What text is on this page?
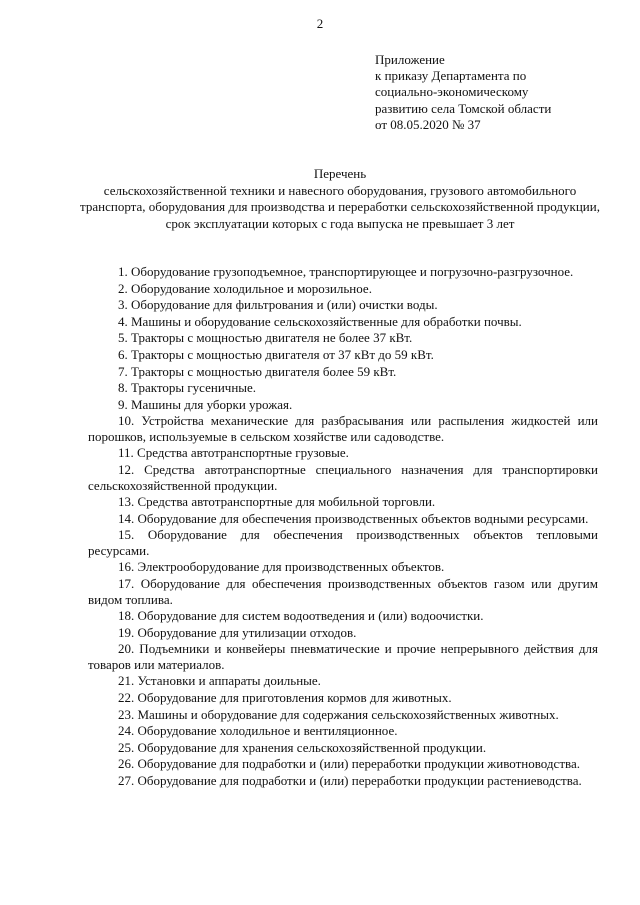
2
Приложение
к приказу Департамента по
социально-экономическому
развитию села Томской области
от 08.05.2020 № 37
Перечень
сельскохозяйственной техники и навесного оборудования, грузового автомобильного транспорта, оборудования для производства и переработки сельскохозяйственной продукции, срок эксплуатации которых с года выпуска не превышает 3 лет

1. Оборудование грузоподъемное, транспортирующее и погрузочно-разгрузочное.

2. Оборудование холодильное и морозильное.

3. Оборудование для фильтрования и (или) очистки воды.

4. Машины и оборудование сельскохозяйственные для обработки почвы.

5. Тракторы с мощностью двигателя не более 37 кВт.

6. Тракторы с мощностью двигателя от 37 кВт до 59 кВт.

7. Тракторы с мощностью двигателя более 59 кВт.

8. Тракторы гусеничные.

9. Машины для уборки урожая.

10. Устройства механические для разбрасывания или распыления жидкостей или порошков, используемые в сельском хозяйстве или садоводстве.

11. Средства автотранспортные грузовые.

12. Средства автотранспортные специального назначения для транспортировки сельскохозяйственной продукции.

13. Средства автотранспортные для мобильной торговли.

14. Оборудование для обеспечения производственных объектов водными ресурсами.

15. Оборудование для обеспечения производственных объектов тепловыми ресурсами.

16. Электрооборудование для производственных объектов.

17. Оборудование для обеспечения производственных объектов газом или другим видом топлива.

18. Оборудование для систем водоотведения и (или) водоочистки.

19. Оборудование для утилизации отходов.

20. Подъемники и конвейеры пневматические и прочие непрерывного действия для товаров или материалов.

21. Установки и аппараты доильные.

22. Оборудование для приготовления кормов для животных.

23. Машины и оборудование для содержания сельскохозяйственных животных.

24. Оборудование холодильное и вентиляционное.

25. Оборудование для хранения сельскохозяйственной продукции.

26. Оборудование для подработки и (или) переработки продукции животноводства.

27. Оборудование для подработки и (или) переработки продукции растениеводства.
